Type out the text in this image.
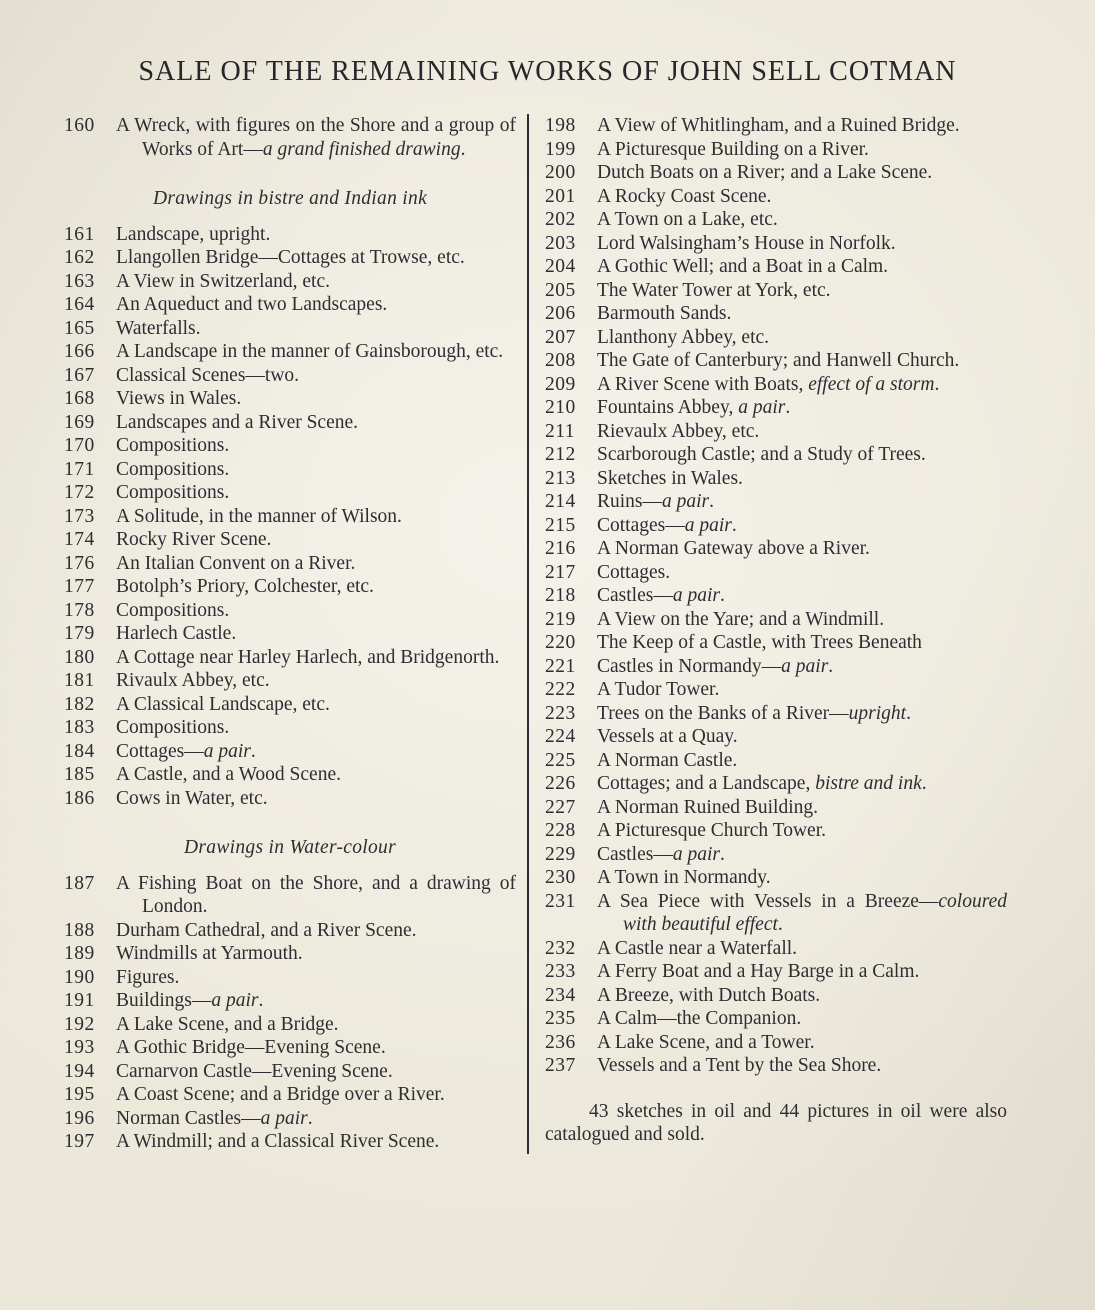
SALE OF THE REMAINING WORKS OF JOHN SELL COTMAN
160	A Wreck, with figures on the Shore and a group of Works of Art—a grand finished drawing.
Drawings in bistre and Indian ink
161	Landscape, upright.
162	Llangollen Bridge—Cottages at Trowse, etc.
163	A View in Switzerland, etc.
164	An Aqueduct and two Landscapes.
165	Waterfalls.
166	A Landscape in the manner of Gainsborough, etc.
167	Classical Scenes—two.
168	Views in Wales.
169	Landscapes and a River Scene.
170	Compositions.
171	Compositions.
172	Compositions.
173	A Solitude, in the manner of Wilson.
174	Rocky River Scene.
176	An Italian Convent on a River.
177	Botolph’s Priory, Colchester, etc.
178	Compositions.
179	Harlech Castle.
180	A Cottage near Harley Harlech, and Bridgenorth.
181	Rivaulx Abbey, etc.
182	A Classical Landscape, etc.
183	Compositions.
184	Cottages—a pair.
185	A Castle, and a Wood Scene.
186	Cows in Water, etc.
Drawings in Water-colour
187	A Fishing Boat on the Shore, and a drawing of London.
188	Durham Cathedral, and a River Scene.
189	Windmills at Yarmouth.
190	Figures.
191	Buildings—a pair.
192	A Lake Scene, and a Bridge.
193	A Gothic Bridge—Evening Scene.
194	Carnarvon Castle—Evening Scene.
195	A Coast Scene; and a Bridge over a River.
196	Norman Castles—a pair.
197	A Windmill; and a Classical River Scene.
198	A View of Whitlingham, and a Ruined Bridge.
199	A Picturesque Building on a River.
200	Dutch Boats on a River; and a Lake Scene.
201	A Rocky Coast Scene.
202	A Town on a Lake, etc.
203	Lord Walsingham’s House in Norfolk.
204	A Gothic Well; and a Boat in a Calm.
205	The Water Tower at York, etc.
206	Barmouth Sands.
207	Llanthony Abbey, etc.
208	The Gate of Canterbury; and Hanwell Church.
209	A River Scene with Boats, effect of a storm.
210	Fountains Abbey, a pair.
211	Rievaulx Abbey, etc.
212	Scarborough Castle; and a Study of Trees.
213	Sketches in Wales.
214	Ruins—a pair.
215	Cottages—a pair.
216	A Norman Gateway above a River.
217	Cottages.
218	Castles—a pair.
219	A View on the Yare; and a Windmill.
220	The Keep of a Castle, with Trees Beneath
221	Castles in Normandy—a pair.
222	A Tudor Tower.
223	Trees on the Banks of a River—upright.
224	Vessels at a Quay.
225	A Norman Castle.
226	Cottages; and a Landscape, bistre and ink.
227	A Norman Ruined Building.
228	A Picturesque Church Tower.
229	Castles—a pair.
230	A Town in Normandy.
231	A Sea Piece with Vessels in a Breeze—coloured with beautiful effect.
232	A Castle near a Waterfall.
233	A Ferry Boat and a Hay Barge in a Calm.
234	A Breeze, with Dutch Boats.
235	A Calm—the Companion.
236	A Lake Scene, and a Tower.
237	Vessels and a Tent by the Sea Shore.
43 sketches in oil and 44 pictures in oil were also catalogued and sold.
